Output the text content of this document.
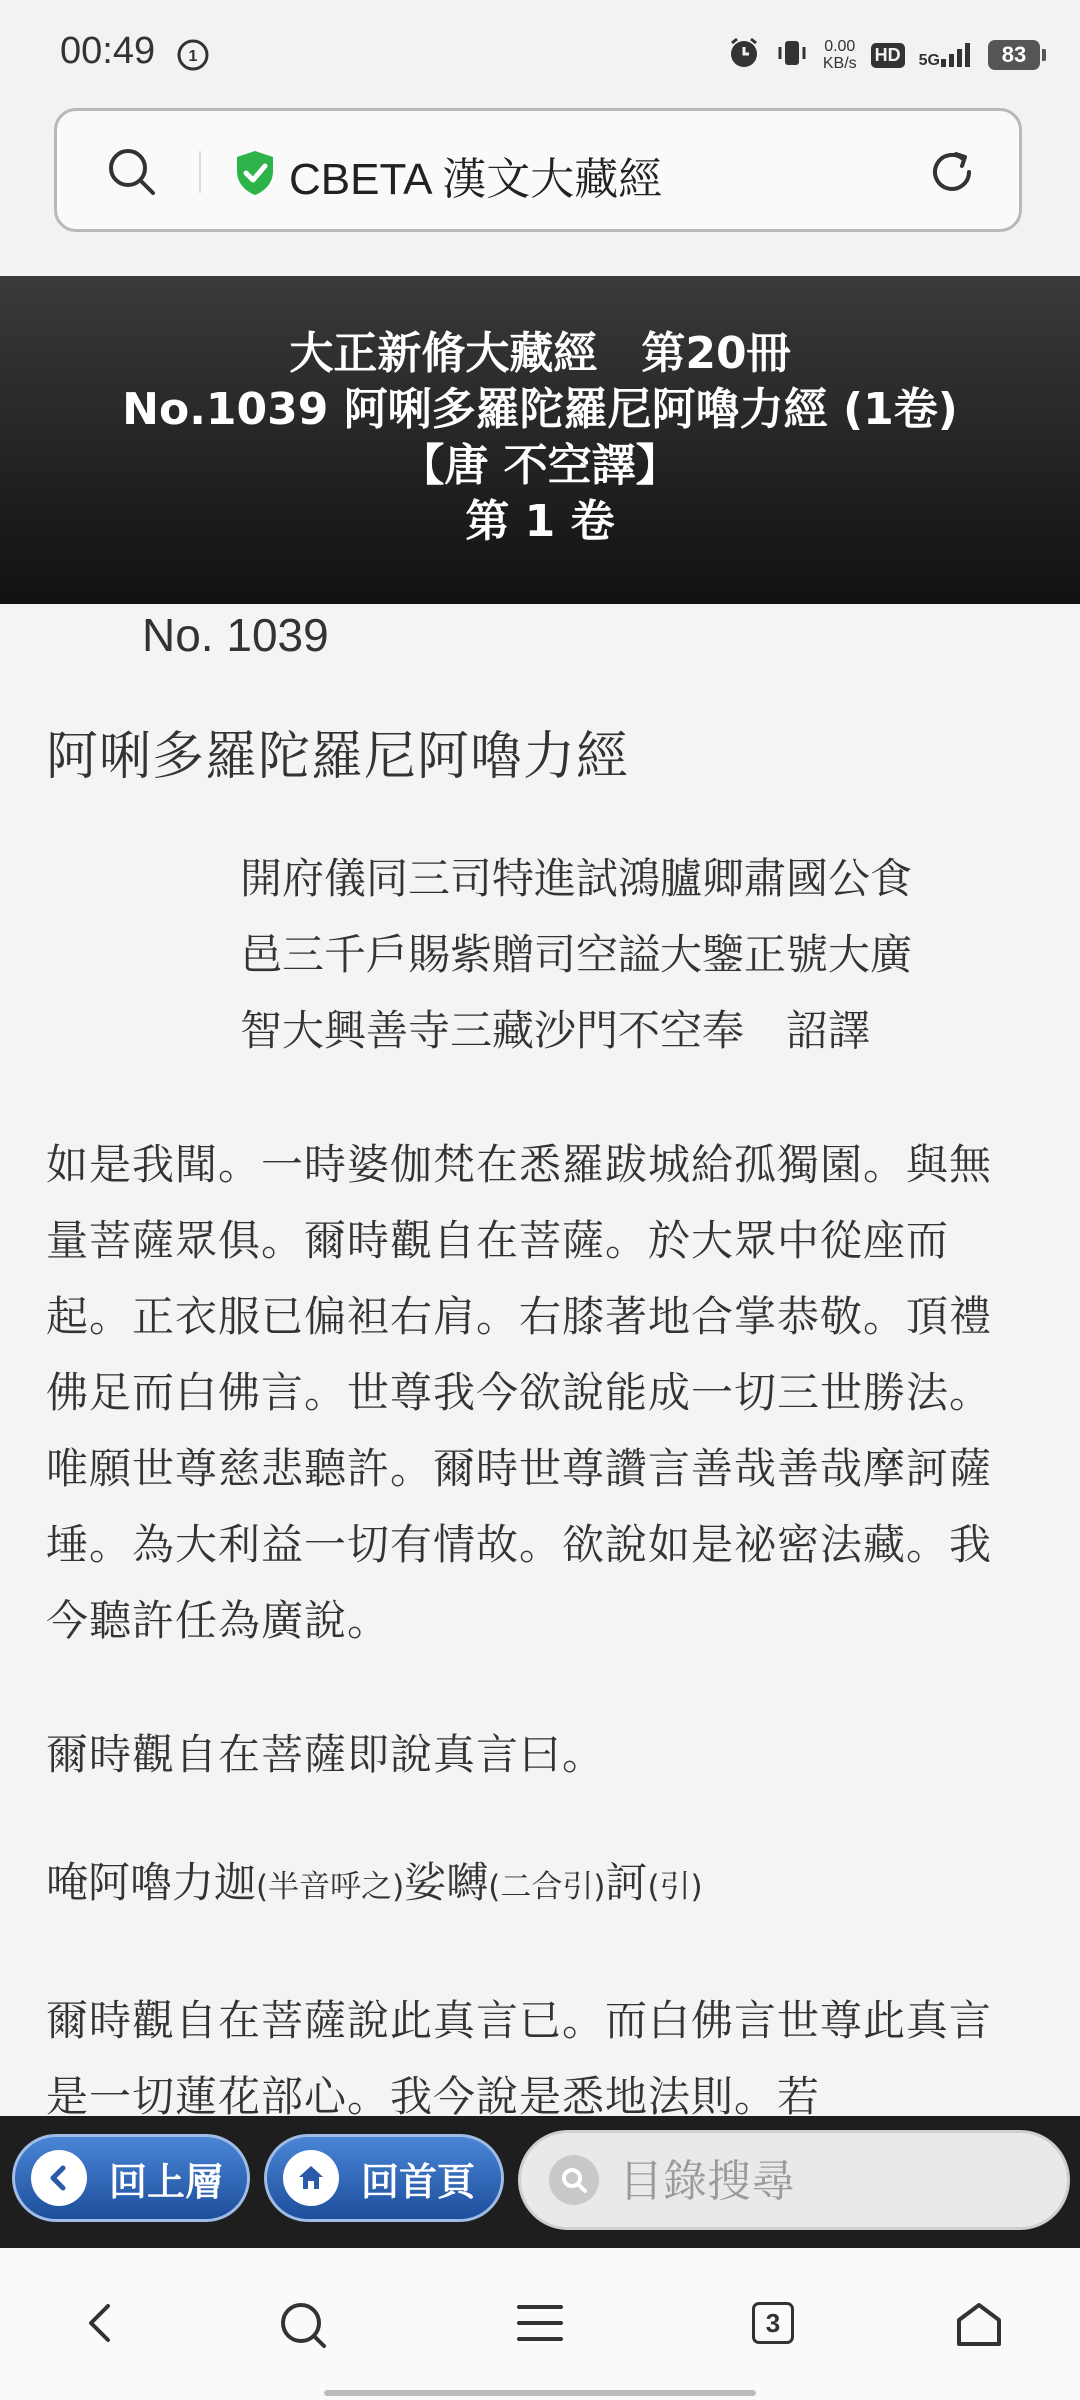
00:49 1
0.00
KB/s HD 5G	83
CBETA 漢文大藏經
大正新脩大藏經　第20冊
No.1039 阿唎多羅陀羅尼阿嚕力經 (1卷)
【唐 不空譯】
第 1 卷
No. 1039
阿唎多羅陀羅尼阿嚕力經
開府儀同三司特進試鴻臚卿肅國公食
邑三千戶賜紫贈司空謚大鑒正號大廣
智大興善寺三藏沙門不空奉　詔譯
如是我聞。一時婆伽梵在悉羅跋城給孤獨園。與無量菩薩眾俱。爾時觀自在菩薩。於大眾中從座而起。正衣服已偏袒右肩。右膝著地合掌恭敬。頂禮佛足而白佛言。世尊我今欲說能成一切三世勝法。唯願世尊慈悲聽許。爾時世尊讚言善哉善哉摩訶薩埵。為大利益一切有情故。欲說如是祕密法藏。我今聽許任為廣說。
爾時觀自在菩薩即說真言曰。
唵阿嚕力迦(半音呼之)娑嚩(二合引)訶(引)
爾時觀自在菩薩說此真言已。而白佛言世尊此真言是一切蓮花部心。我今說是悉地法則。若
回上層	回首頁
目錄搜尋
3
